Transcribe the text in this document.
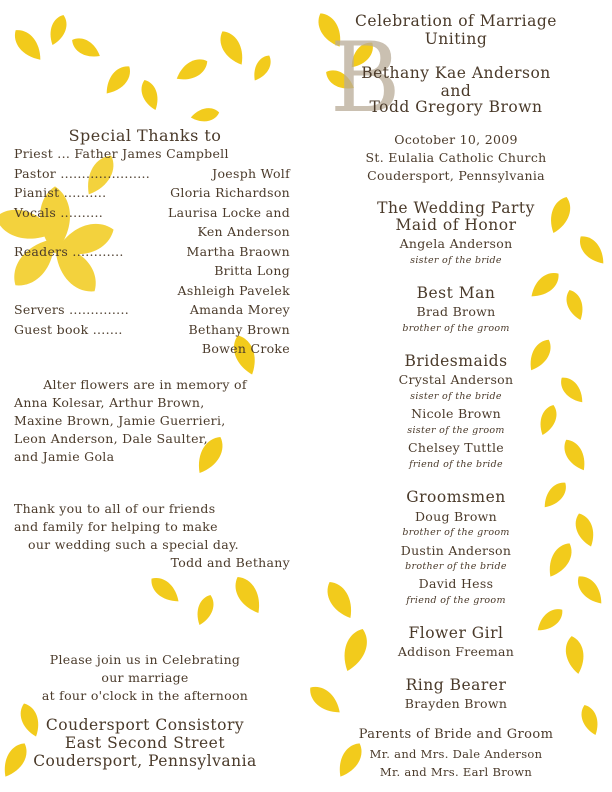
B
Special Thanks to
Priest ... Father James Campbell
Pastor .....................	Joesph Wolf
Pianist ..........	Gloria Richardson
Vocals ..........	Laurisa Locke and
Ken Anderson
Readers ............	Martha Braown
Britta Long
Ashleigh Pavelek
Servers ..............	Amanda Morey
Guest book .......	Bethany Brown
Bowen Croke
Alter flowers are in memory of
Anna Kolesar, Arthur Brown,
Maxine Brown, Jamie Guerrieri,
Leon Anderson, Dale Saulter,
and Jamie Gola
Thank you to all of our friends
and family for helping to make
our wedding such a special day.
Todd and Bethany
Please join us in Celebrating
our marriage
at four o'clock in the afternoon
Coudersport Consistory
East Second Street
Coudersport, Pennsylvania
Celebration of Marriage
Uniting
Bethany Kae Anderson
and
Todd Gregory Brown
Ocotober 10, 2009
St. Eulalia Catholic Church
Coudersport, Pennsylvania
The Wedding Party
Maid of Honor
Angela Anderson
sister of the bride
Best Man
Brad Brown
brother of the groom
Bridesmaids
Crystal Anderson
sister of the bride
Nicole Brown
sister of the groom
Chelsey Tuttle
friend of the bride
Groomsmen
Doug Brown
brother of the groom
Dustin Anderson
brother of the bride
David Hess
friend of the groom
Flower Girl
Addison Freeman
Ring Bearer
Brayden Brown
Parents of Bride and Groom
Mr. and Mrs. Dale Anderson
Mr. and Mrs. Earl Brown
